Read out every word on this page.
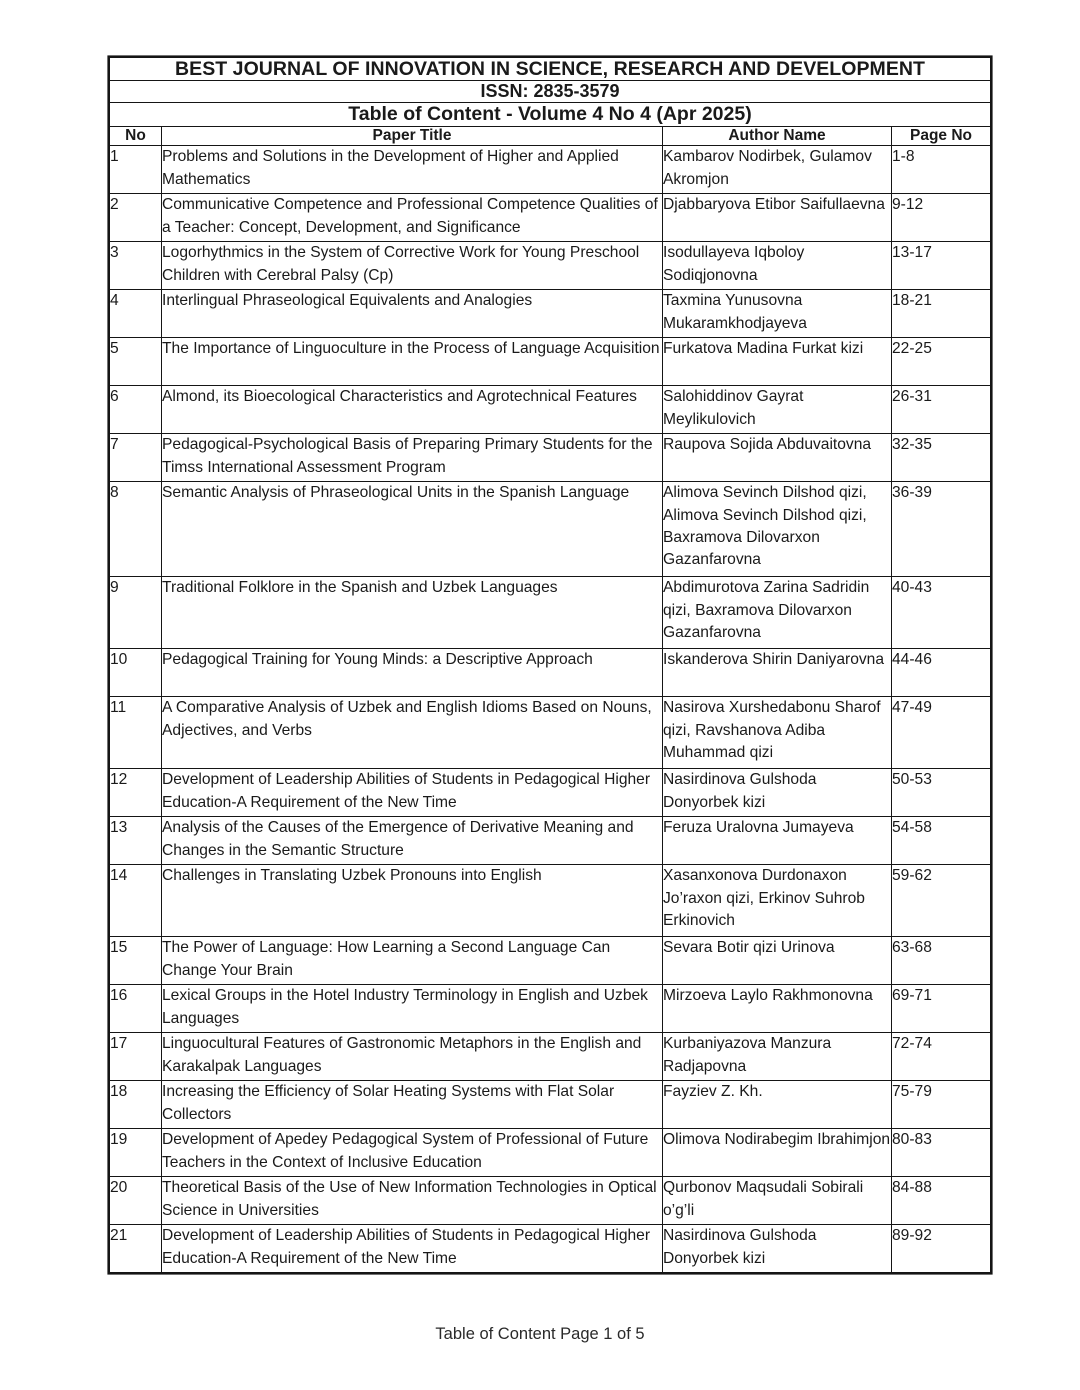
BEST JOURNAL OF INNOVATION IN SCIENCE, RESEARCH AND DEVELOPMENT			
ISSN: 2835-3579			
Table of Content - Volume 4 No 4 (Apr 2025)			
No	Paper Title	Author Name	Page No
1	Problems and Solutions in the Development of Higher and Applied Mathematics	Kambarov Nodirbek, Gulamov Akromjon	1-8
2	Communicative Competence and Professional Competence Qualities of a Teacher: Concept, Development, and Significance	Djabbaryova Etibor Saifullaevna	9-12
3	Logorhythmics in the System of Corrective Work for Young Preschool Children with Cerebral Palsy (Cp)	Isodullayeva Iqboloy Sodiqjonovna	13-17
4	Interlingual Phraseological Equivalents and Analogies	Taxmina Yunusovna Mukaramkhodjayeva	18-21
5	The Importance of Linguoculture in the Process of Language Acquisition	Furkatova Madina Furkat kizi	22-25
6	Almond, its Bioecological Characteristics and Agrotechnical Features	Salohiddinov Gayrat Meylikulovich	26-31
7	Pedagogical-Psychological Basis of Preparing Primary Students for the Timss International Assessment Program	Raupova Sojida Abduvaitovna	32-35
8	Semantic Analysis of Phraseological Units in the Spanish Language	Alimova Sevinch Dilshod qizi, Alimova Sevinch Dilshod qizi, Baxramova Dilovarxon Gazanfarovna	36-39
9	Traditional Folklore in the Spanish and Uzbek Languages	Abdimurotova Zarina Sadridin qizi, Baxramova Dilovarxon Gazanfarovna	40-43
10	Pedagogical Training for Young Minds: a Descriptive Approach	Iskanderova Shirin Daniyarovna	44-46
11	A Comparative Analysis of Uzbek and English Idioms Based on Nouns, Adjectives, and Verbs	Nasirova Xurshedabonu Sharof qizi, Ravshanova Adiba Muhammad qizi	47-49
12	Development of Leadership Abilities of Students in Pedagogical Higher Education-A Requirement of the New Time	Nasirdinova Gulshoda Donyorbek kizi	50-53
13	Analysis of the Causes of the Emergence of Derivative Meaning and Changes in the Semantic Structure	Feruza Uralovna Jumayeva	54-58
14	Challenges in Translating Uzbek Pronouns into English	Xasanxonova Durdonaxon Jo’raxon qizi, Erkinov Suhrob Erkinovich	59-62
15	The Power of Language: How Learning a Second Language Can Change Your Brain	Sevara Botir qizi Urinova	63-68
16	Lexical Groups in the Hotel Industry Terminology in English and Uzbek Languages	Mirzoeva Laylo Rakhmonovna	69-71
17	Linguocultural Features of Gastronomic Metaphors in the English and Karakalpak Languages	Kurbaniyazova Manzura Radjapovna	72-74
18	Increasing the Efficiency of Solar Heating Systems with Flat Solar Collectors	Fayziev Z. Kh.	75-79
19	Development of Apedey Pedagogical System of Professional of Future Teachers in the Context of Inclusive Education	Olimova Nodirabegim Ibrahimjon	80-83
20	Theoretical Basis of the Use of New Information Technologies in Optical Science in Universities	Qurbonov Maqsudali Sobirali o’g’li	84-88
21	Development of Leadership Abilities of Students in Pedagogical Higher Education-A Requirement of the New Time	Nasirdinova Gulshoda Donyorbek kizi	89-92
Table of Content Page 1 of 5
